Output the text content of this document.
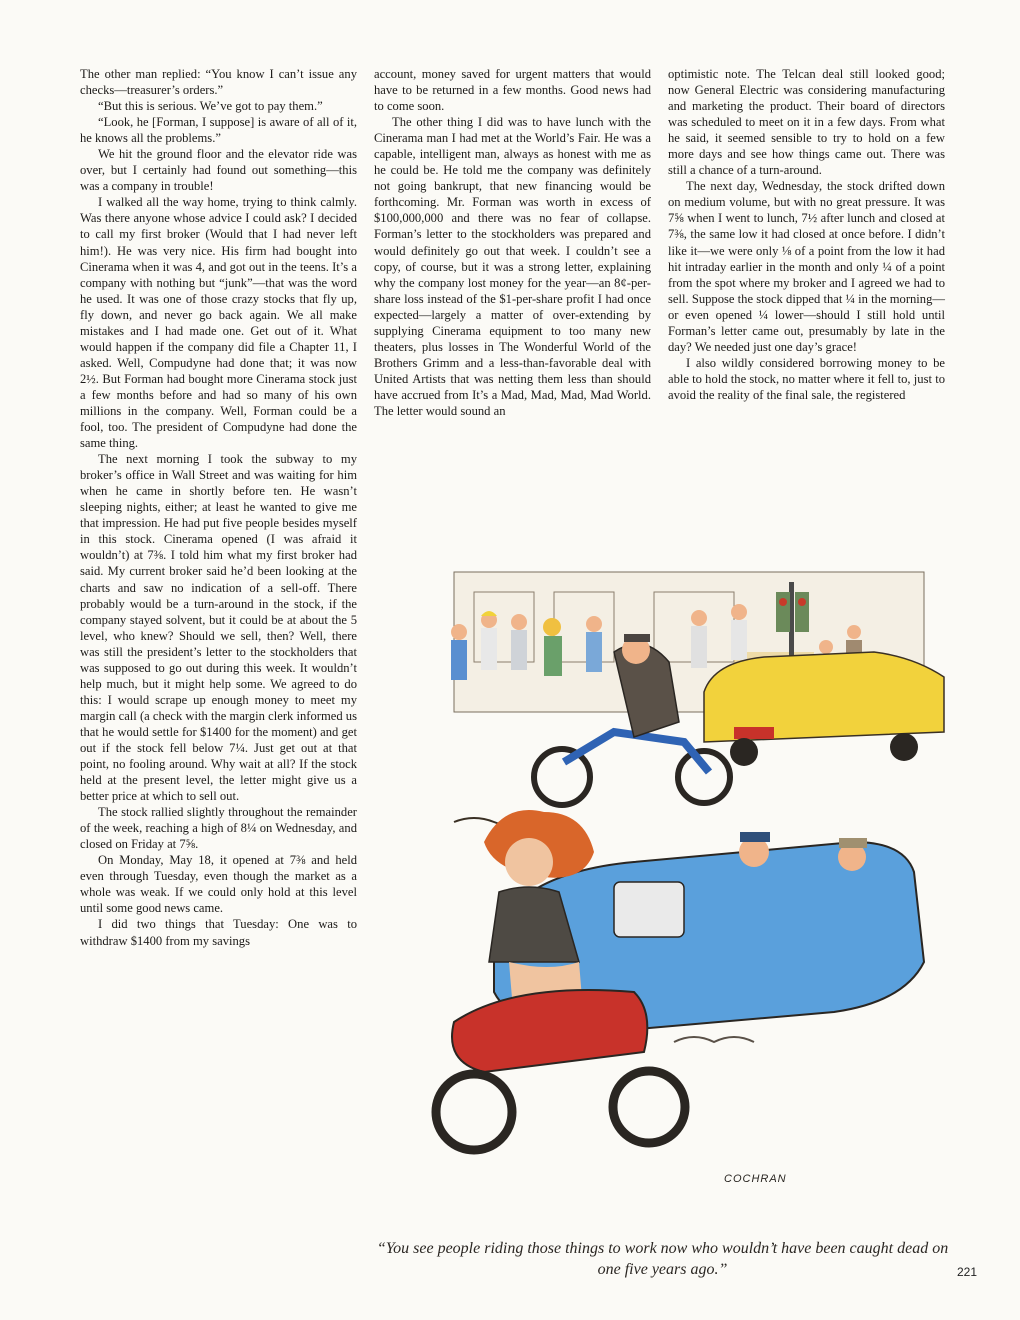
The other man replied: “You know I can’t issue any checks—treasurer’s orders.”

“But this is serious. We’ve got to pay them.”

“Look, he [Forman, I suppose] is aware of all of it, he knows all the problems.”

We hit the ground floor and the elevator ride was over, but I certainly had found out something—this was a company in trouble!

I walked all the way home, trying to think calmly. Was there anyone whose advice I could ask? I decided to call my first broker (Would that I had never left him!). He was very nice. His firm had bought into Cinerama when it was 4, and got out in the teens. It’s a company with nothing but “junk”—that was the word he used. It was one of those crazy stocks that fly up, fly down, and never go back again. We all make mistakes and I had made one. Get out of it. What would happen if the company did file a Chapter 11, I asked. Well, Compudyne had done that; it was now 2½. But Forman had bought more Cinerama stock just a few months before and had so many of his own millions in the company. Well, Forman could be a fool, too. The president of Compudyne had done the same thing.

The next morning I took the subway to my broker’s office in Wall Street and was waiting for him when he came in shortly before ten. He wasn’t sleeping nights, either; at least he wanted to give me that impression. He had put five people besides myself in this stock. Cinerama opened (I was afraid it wouldn’t) at 7⅜. I told him what my first broker had said. My current broker said he’d been looking at the charts and saw no indication of a sell-off. There probably would be a turn-around in the stock, if the company stayed solvent, but it could be at about the 5 level, who knew? Should we sell, then? Well, there was still the president’s letter to the stockholders that was supposed to go out during this week. It wouldn’t help much, but it might help some. We agreed to do this: I would scrape up enough money to meet my margin call (a check with the margin clerk informed us that he would settle for $1400 for the moment) and get out if the stock fell below 7¼. Just get out at that point, no fooling around. Why wait at all? If the stock held at the present level, the letter might give us a better price at which to sell out.

The stock rallied slightly throughout the remainder of the week, reaching a high of 8¼ on Wednesday, and closed on Friday at 7⅝.

On Monday, May 18, it opened at 7⅜ and held even through Tuesday, even though the market as a whole was weak. If we could only hold at this level until some good news came.

I did two things that Tuesday: One was to withdraw $1400 from my savings

account, money saved for urgent matters that would have to be returned in a few months. Good news had to come soon.

The other thing I did was to have lunch with the Cinerama man I had met at the World’s Fair. He was a capable, intelligent man, always as honest with me as he could be. He told me the company was definitely not going bankrupt, that new financing would be forthcoming. Mr. Forman was worth in excess of $100,000,000 and there was no fear of collapse. Forman’s letter to the stockholders was prepared and would definitely go out that week. I couldn’t see a copy, of course, but it was a strong letter, explaining why the company lost money for the year—an 8¢-per-share loss instead of the $1-per-share profit I had once expected—largely a matter of over-extending by supplying Cinerama equipment to too many new theaters, plus losses in The Wonderful World of the Brothers Grimm and a less-than-favorable deal with United Artists that was netting them less than should have accrued from It’s a Mad, Mad, Mad, Mad World. The letter would sound an

optimistic note. The Telcan deal still looked good; now General Electric was considering manufacturing and marketing the product. Their board of directors was scheduled to meet on it in a few days. From what he said, it seemed sensible to try to hold on a few more days and see how things came out. There was still a chance of a turn-around.

The next day, Wednesday, the stock drifted down on medium volume, but with no great pressure. It was 7⅝ when I went to lunch, 7½ after lunch and closed at 7⅜, the same low it had closed at once before. I didn’t like it—we were only ⅛ of a point from the low it had hit intraday earlier in the month and only ¼ of a point from the spot where my broker and I agreed we had to sell. Suppose the stock dipped that ¼ in the morning—or even opened ¼ lower—should I still hold until Forman’s letter came out, presumably by late in the day? We needed just one day’s grace!

I also wildly considered borrowing money to be able to hold the stock, no matter where it fell to, just to avoid the reality of the final sale, the registered

COCHRAN
“You see people riding those things to work now who wouldn’t have been caught dead on one five years ago.”	221
